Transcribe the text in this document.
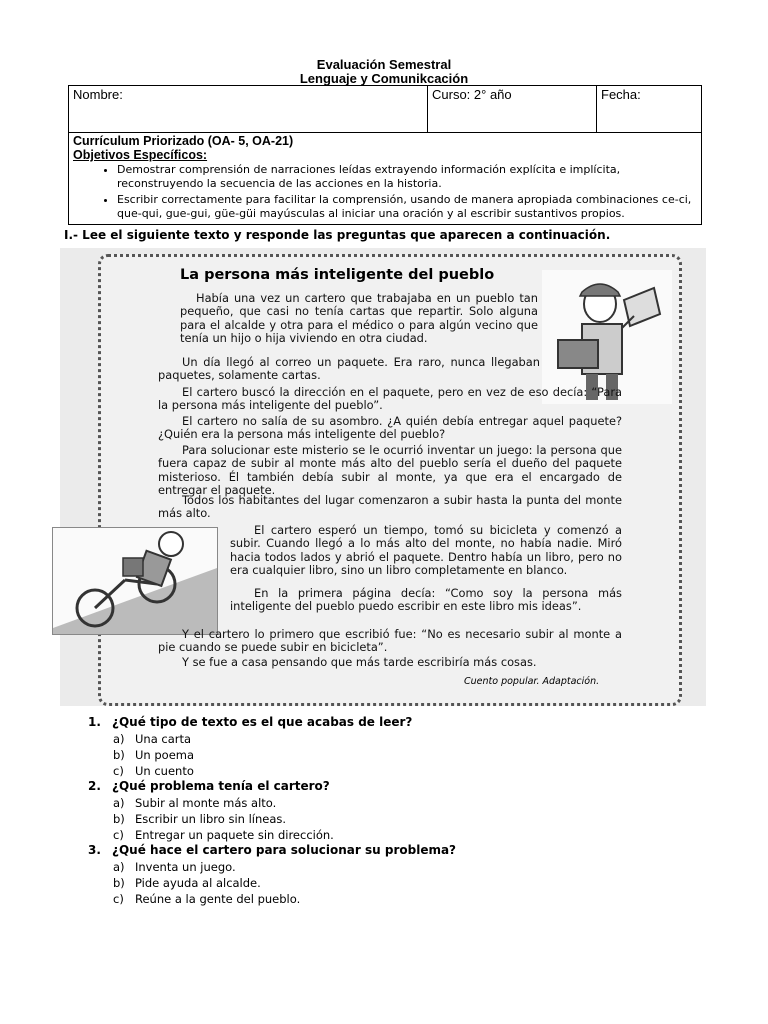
Evaluación Semestral
Lenguaje y Comunikcación
Nombre:	Curso: 2° año	Fecha:

Currículum Priorizado (OA- 5, OA-21)
Objetivos Específicos:
• Demostrar comprensión de narraciones leídas extrayendo información explícita e implícita, reconstruyendo la secuencia de las acciones en la historia.
• Escribir correctamente para facilitar la comprensión, usando de manera apropiada combinaciones ce-ci, que-qui, gue-gui, güe-güi mayúsculas al iniciar una oración y al escribir sustantivos propios.
I.- Lee el siguiente texto y responde las preguntas que aparecen a continuación.
La persona más inteligente del pueblo
Había una vez un cartero que trabajaba en un pueblo tan pequeño, que casi no tenía cartas que repartir. Solo alguna para el alcalde y otra para el médico o para algún vecino que tenía un hijo o hija viviendo en otra ciudad.
Un día llegó al correo un paquete. Era raro, nunca llegaban paquetes, solamente cartas.
El cartero buscó la dirección en el paquete, pero en vez de eso decía: “Para la persona más inteligente del pueblo”.
El cartero no salía de su asombro. ¿A quién debía entregar aquel paquete? ¿Quién era la persona más inteligente del pueblo?
Para solucionar este misterio se le ocurrió inventar un juego: la persona que fuera capaz de subir al monte más alto del pueblo sería el dueño del paquete misterioso. Él también debía subir al monte, ya que era el encargado de entregar el paquete.
Todos los habitantes del lugar comenzaron a subir hasta la punta del monte más alto.
El cartero esperó un tiempo, tomó su bicicleta y comenzó a subir. Cuando llegó a lo más alto del monte, no había nadie. Miró hacia todos lados y abrió el paquete. Dentro había un libro, pero no era cualquier libro, sino un libro completamente en blanco.
En la primera página decía: “Como soy la persona más inteligente del pueblo puedo escribir en este libro mis ideas”.
Y el cartero lo primero que escribió fue: “No es necesario subir al monte a pie cuando se puede subir en bicicleta”.
Y se fue a casa pensando que más tarde escribiría más cosas.
Cuento popular. Adaptación.
1. ¿Qué tipo de texto es el que acabas de leer?
a) Una carta
b) Un poema
c) Un cuento
2. ¿Qué problema tenía el cartero?
a) Subir al monte más alto.
b) Escribir un libro sin líneas.
c) Entregar un paquete sin dirección.
3. ¿Qué hace el cartero para solucionar su problema?
a) Inventa un juego.
b) Pide ayuda al alcalde.
c) Reúne a la gente del pueblo.
